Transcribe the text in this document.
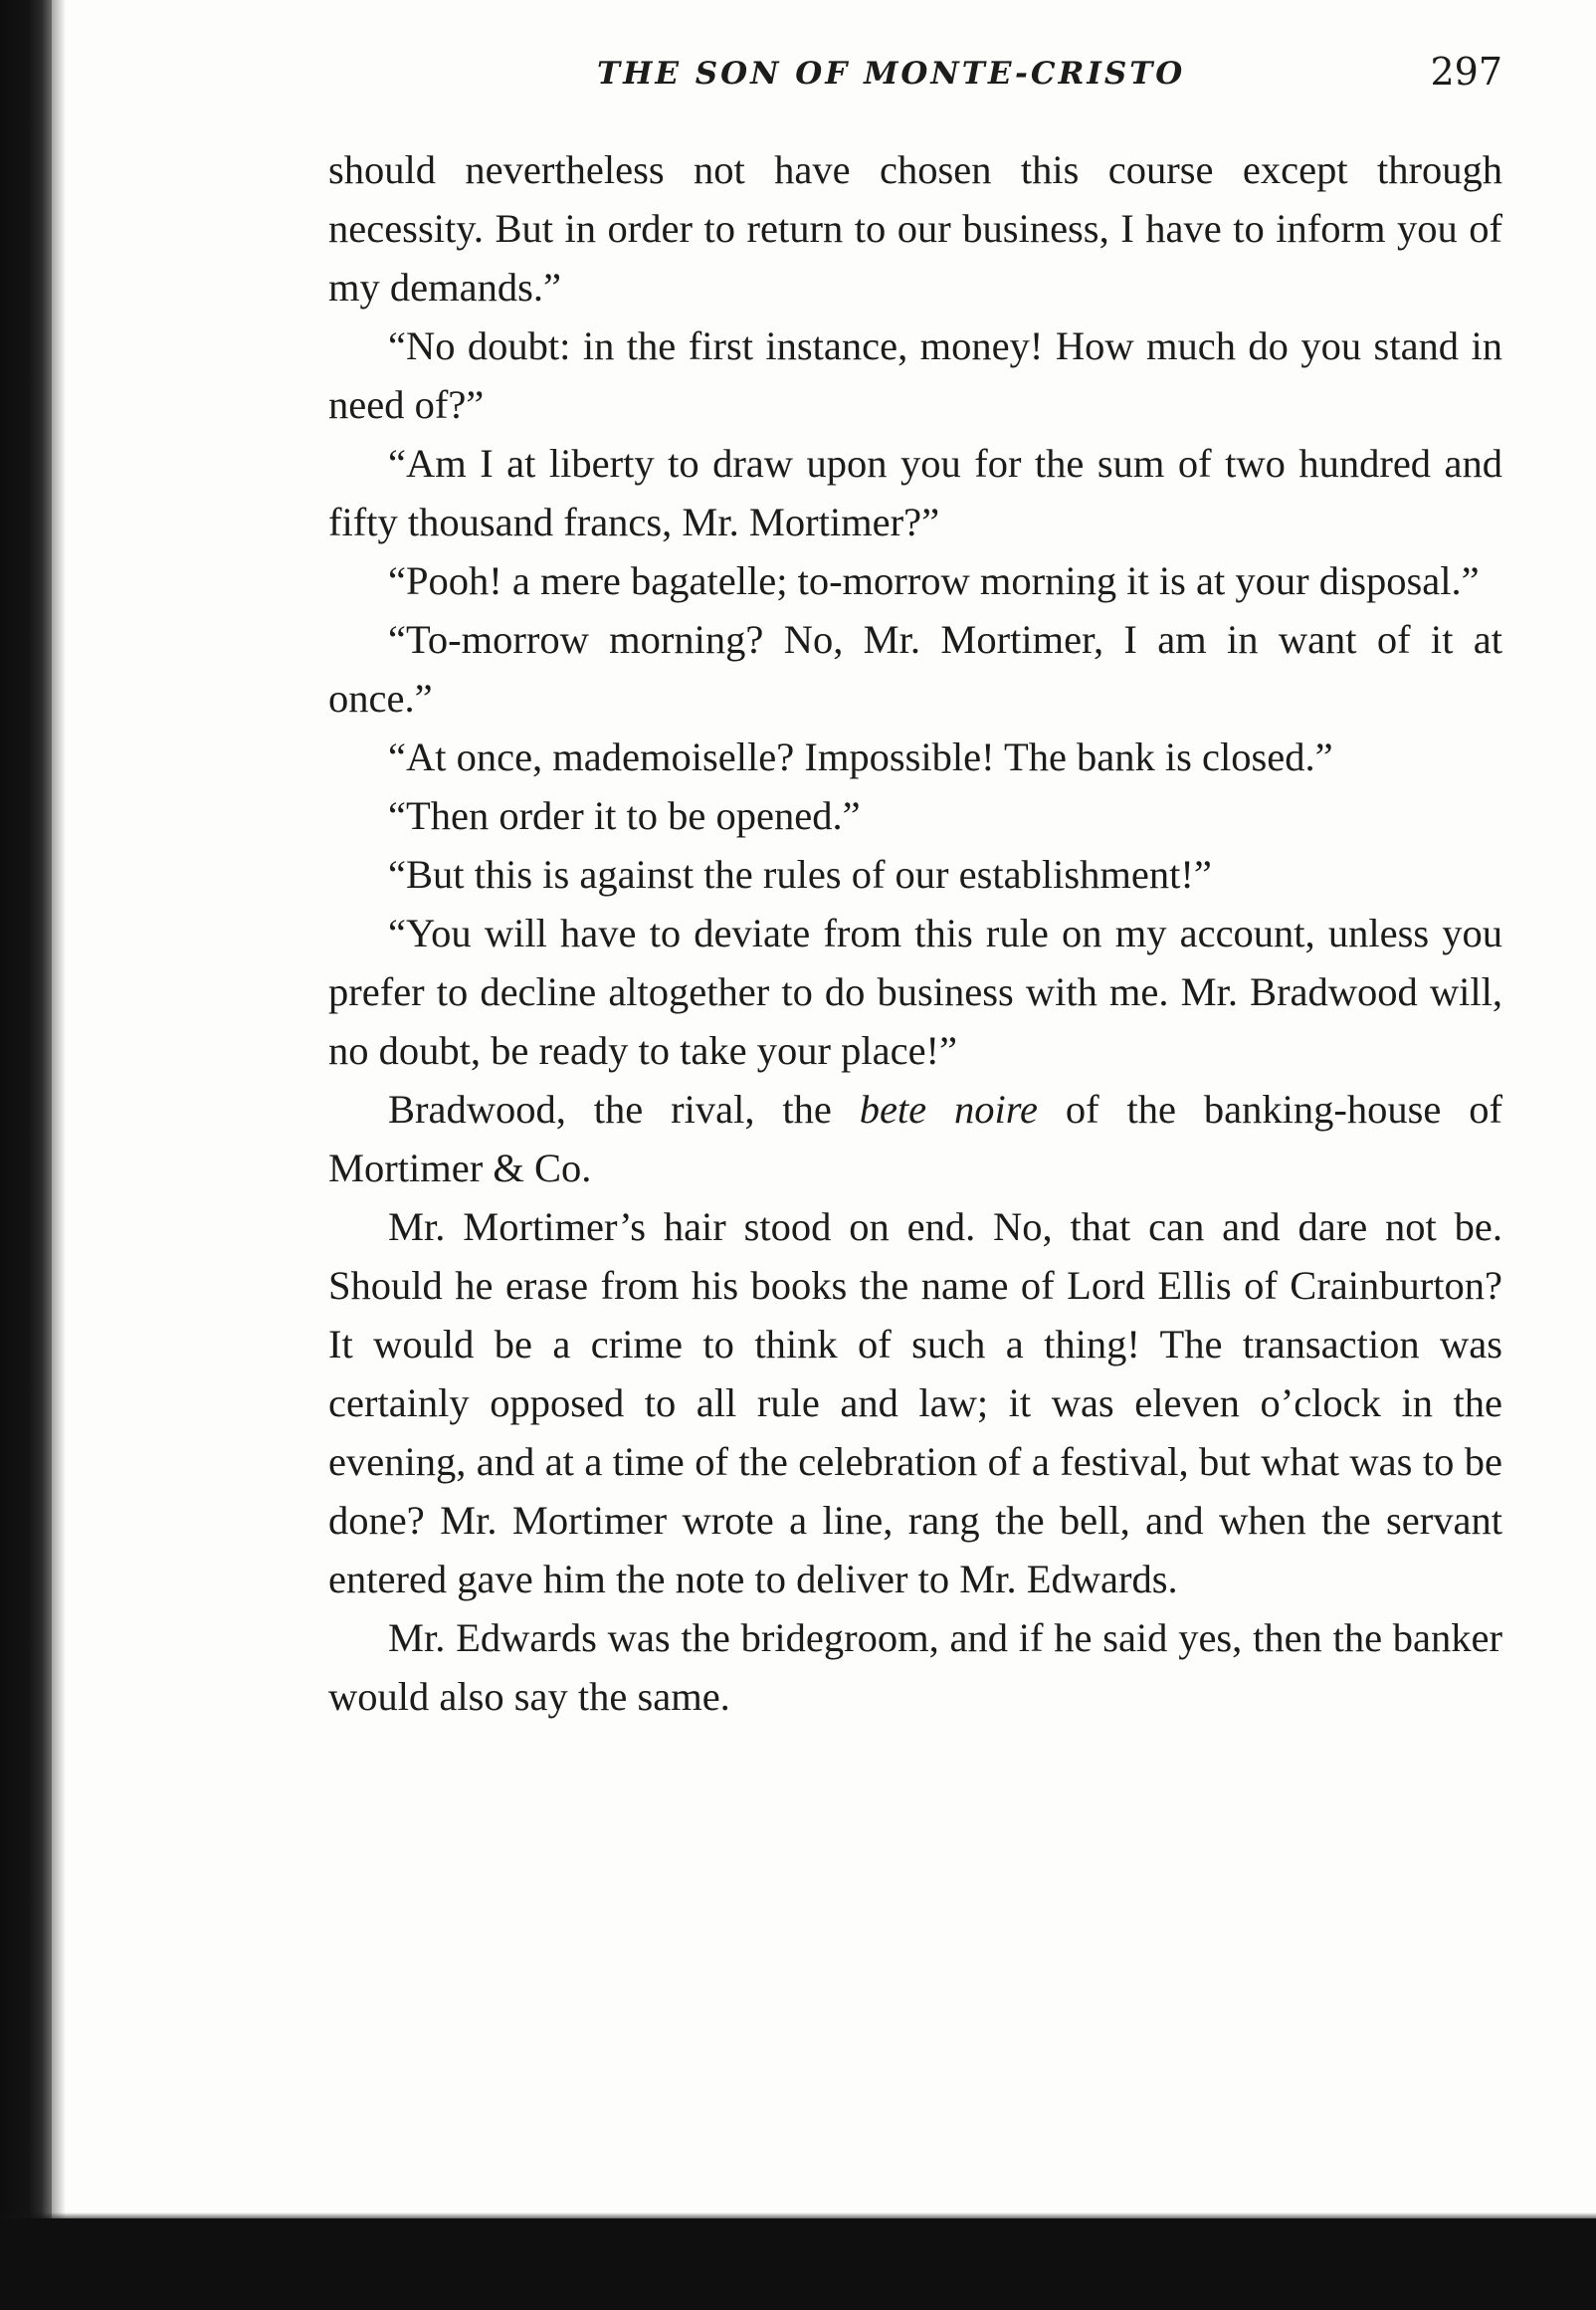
THE SON OF MONTE-CRISTO	297

should nevertheless not have chosen this course except through necessity. But in order to return to our business, I have to inform you of my demands.”

“No doubt: in the first instance, money! How much do you stand in need of?”

“Am I at liberty to draw upon you for the sum of two hundred and fifty thousand francs, Mr. Mortimer?”

“Pooh! a mere bagatelle; to-morrow morning it is at your disposal.”

“To-morrow morning? No, Mr. Mortimer, I am in want of it at once.”

“At once, mademoiselle? Impossible! The bank is closed.”

“Then order it to be opened.”

“But this is against the rules of our establishment!”

“You will have to deviate from this rule on my account, unless you prefer to decline altogether to do business with me. Mr. Bradwood will, no doubt, be ready to take your place!”

Bradwood, the rival, the bete noire of the banking-house of Mortimer & Co.

Mr. Mortimer’s hair stood on end. No, that can and dare not be. Should he erase from his books the name of Lord Ellis of Crainburton? It would be a crime to think of such a thing! The transaction was certainly opposed to all rule and law; it was eleven o’clock in the evening, and at a time of the celebration of a festival, but what was to be done? Mr. Mortimer wrote a line, rang the bell, and when the servant entered gave him the note to deliver to Mr. Edwards.

Mr. Edwards was the bridegroom, and if he said yes, then the banker would also say the same.
